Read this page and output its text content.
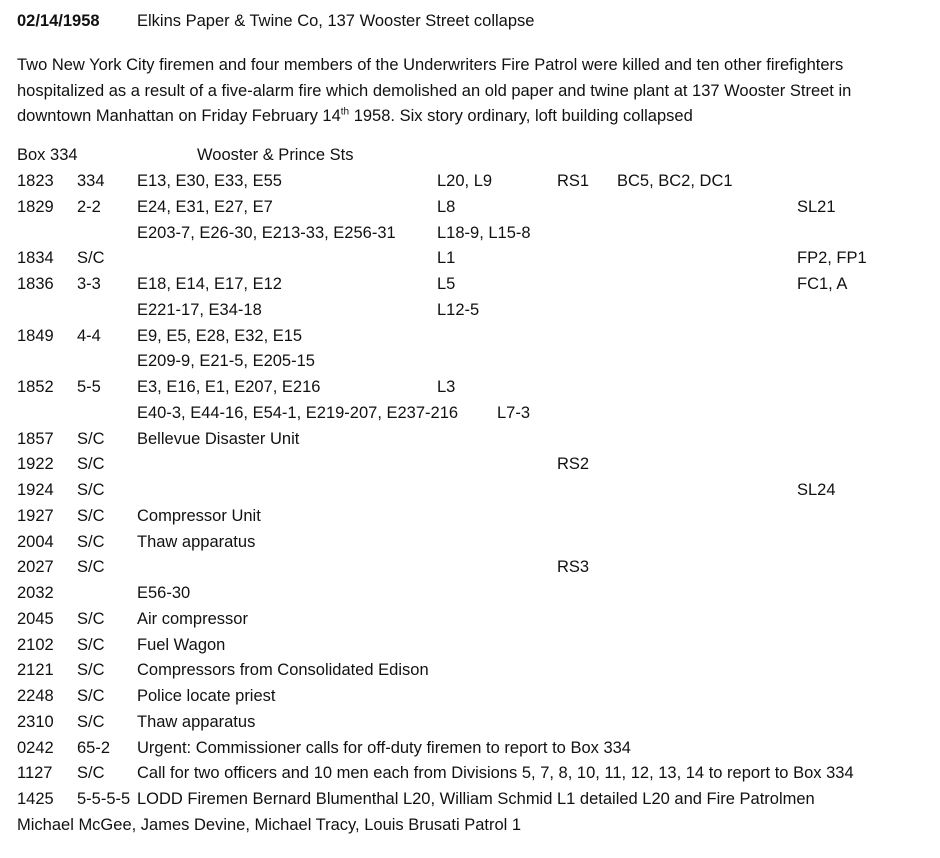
02/14/1958 Elkins Paper & Twine Co, 137 Wooster Street collapse
Two New York City firemen and four members of the Underwriters Fire Patrol were killed and ten other firefighters hospitalized as a result of a five-alarm fire which demolished an old paper and twine plant at 137 Wooster Street in downtown Manhattan on Friday February 14th 1958. Six story ordinary, loft building collapsed
Box 334	Wooster & Prince Sts
1823 334 E13, E30, E33, E55	L20, L9	RS1 BC5, BC2, DC1
1829 2-2 E24, E31, E27, E7	L8	SL21
E203-7, E26-30, E213-33, E256-31	L18-9, L15-8
1834 S/C	L1	FP2, FP1
1836 3-3 E18, E14, E17, E12	L5	FC1, A
E221-17, E34-18	L12-5
1849 4-4 E9, E5, E28, E32, E15
E209-9, E21-5, E205-15
1852 5-5 E3, E16, E1, E207, E216	L3
E40-3, E44-16, E54-1, E219-207, E237-216 L7-3
1857 S/C Bellevue Disaster Unit
1922 S/C	RS2
1924 S/C	SL24
1927 S/C Compressor Unit
2004 S/C Thaw apparatus
2027 S/C	RS3
2032	E56-30
2045 S/C Air compressor
2102 S/C Fuel Wagon
2121 S/C Compressors from Consolidated Edison
2248 S/C Police locate priest
2310 S/C Thaw apparatus
0242 65-2 Urgent: Commissioner calls for off-duty firemen to report to Box 334
1127 S/C Call for two officers and 10 men each from Divisions 5, 7, 8, 10, 11, 12, 13, 14 to report to Box 334
1425 5-5-5-5 LODD Firemen Bernard Blumenthal L20, William Schmid L1 detailed L20 and Fire Patrolmen
Michael McGee, James Devine, Michael Tracy, Louis Brusati Patrol 1
